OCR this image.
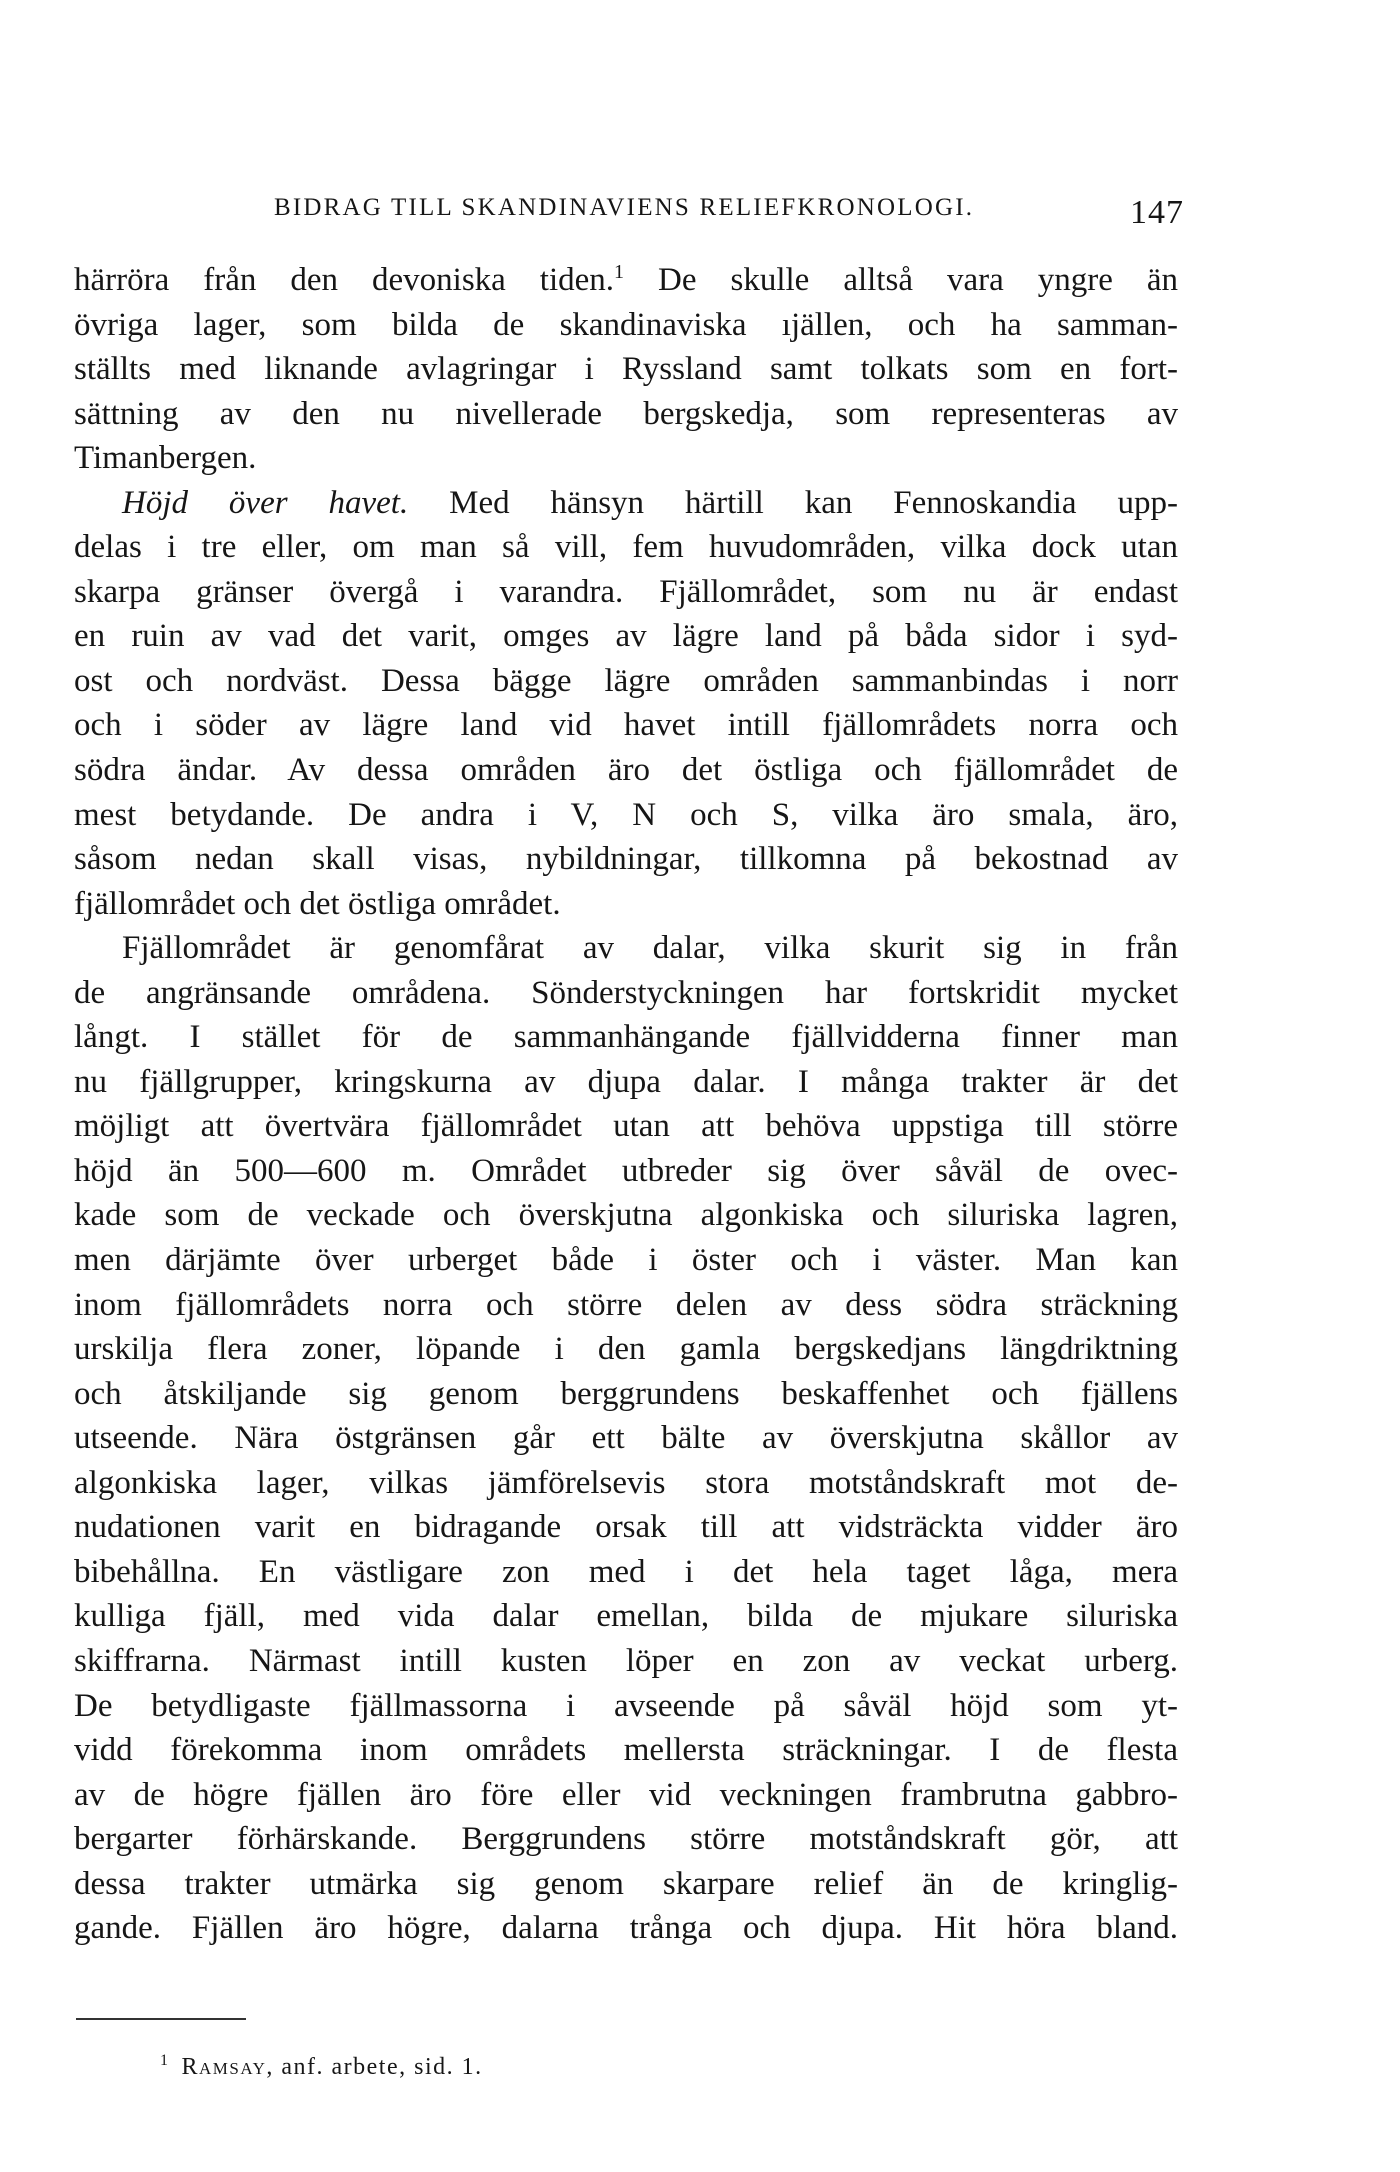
BIDRAG TILL SKANDINAVIENS RELIEFKRONOLOGI.	147
härröra från den devoniska tiden.$^1$ De skulle alltså vara yngre än
övriga lager, som bilda de skandinaviska ıjällen, och ha samman-
ställts med liknande avlagringar i Ryssland samt tolkats som en fort-
sättning av den nu nivellerade bergskedja, som representeras av
Timanbergen.
Höjd över havet. Med hänsyn härtill kan Fennoskandia upp-
delas i tre eller, om man så vill, fem huvudområden, vilka dock utan
skarpa gränser övergå i varandra. Fjällområdet, som nu är endast
en ruin av vad det varit, omges av lägre land på båda sidor i syd-
ost och nordväst. Dessa bägge lägre områden sammanbindas i norr
och i söder av lägre land vid havet intill fjällområdets norra och
södra ändar. Av dessa områden äro det östliga och fjällområdet de
mest betydande. De andra i V, N och S, vilka äro smala, äro,
såsom nedan skall visas, nybildningar, tillkomna på bekostnad av
fjällområdet och det östliga området.
Fjällområdet är genomfårat av dalar, vilka skurit sig in från
de angränsande områdena. Sönderstyckningen har fortskridit mycket
långt. I stället för de sammanhängande fjällvidderna finner man
nu fjällgrupper, kringskurna av djupa dalar. I många trakter är det
möjligt att övertvära fjällområdet utan att behöva uppstiga till större
höjd än 500—600 m. Området utbreder sig över såväl de ovec-
kade som de veckade och överskjutna algonkiska och siluriska lagren,
men därjämte över urberget både i öster och i väster. Man kan
inom fjällområdets norra och större delen av dess södra sträckning
urskilja flera zoner, löpande i den gamla bergskedjans längdriktning
och åtskiljande sig genom berggrundens beskaffenhet och fjällens
utseende. Nära östgränsen går ett bälte av överskjutna skållor av
algonkiska lager, vilkas jämförelsevis stora motståndskraft mot de-
nudationen varit en bidragande orsak till att vidsträckta vidder äro
bibehållna. En västligare zon med i det hela taget låga, mera
kulliga fjäll, med vida dalar emellan, bilda de mjukare siluriska
skiffrarna. Närmast intill kusten löper en zon av veckat urberg.
De betydligaste fjällmassorna i avseende på såväl höjd som yt-
vidd förekomma inom områdets mellersta sträckningar. I de flesta
av de högre fjällen äro före eller vid veckningen frambrutna gabbro-
bergarter förhärskande. Berggrundens större motståndskraft gör, att
dessa trakter utmärka sig genom skarpare relief än de kringlig-
gande. Fjällen äro högre, dalarna trånga och djupa. Hit höra bland.
$^1$ Ramsay, anf. arbete, sid. 1.
